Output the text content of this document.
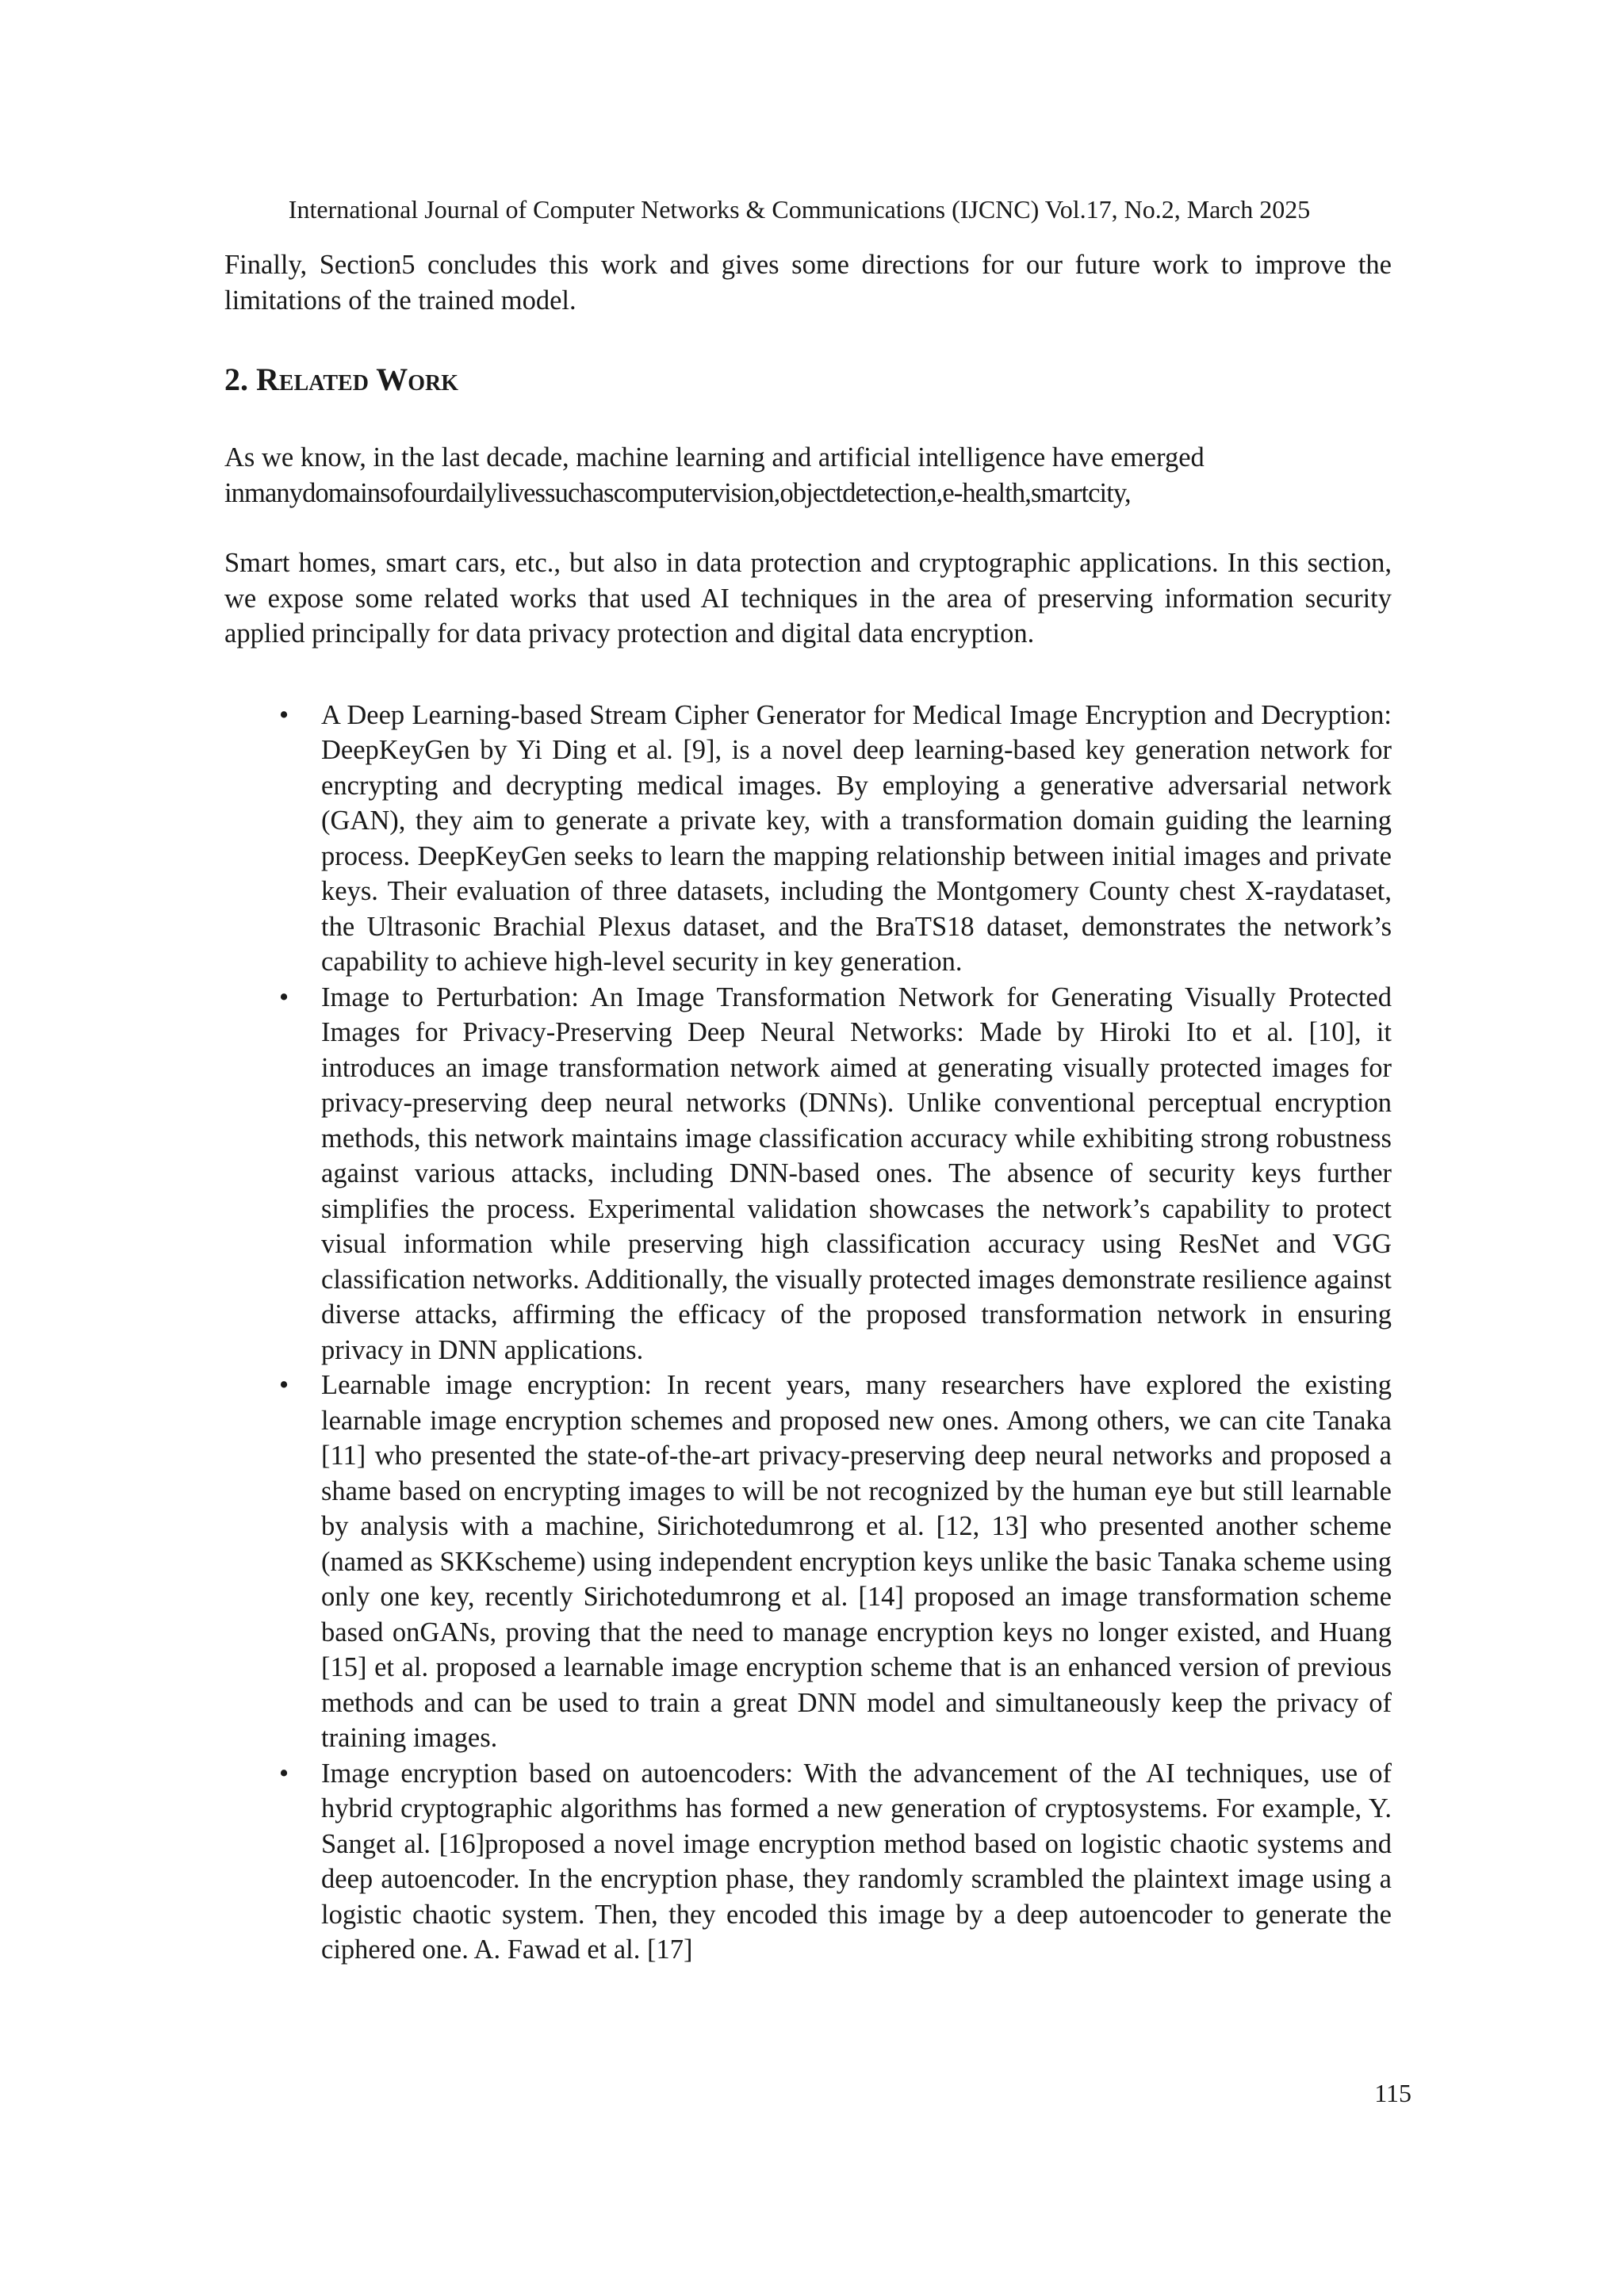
International Journal of Computer Networks & Communications (IJCNC) Vol.17, No.2, March 2025

Finally, Section5 concludes this work and gives some directions for our future work to improve the limitations of the trained model.

2. Related Work

As we know, in the last decade, machine learning and artificial intelligence have emerged

inmanydomainsofourdailylivessuchascomputervision,objectdetection,e-health,smartcity,

Smart homes, smart cars, etc., but also in data protection and cryptographic applications. In this section, we expose some related works that used AI techniques in the area of preserving information security applied principally for data privacy protection and digital data encryption.

• A Deep Learning-based Stream Cipher Generator for Medical Image Encryption and Decryption: DeepKeyGen by Yi Ding et al. [9], is a novel deep learning-based key generation network for encrypting and decrypting medical images. By employing a generative adversarial network (GAN), they aim to generate a private key, with a transformation domain guiding the learning process. DeepKeyGen seeks to learn the mapping relationship between initial images and private keys. Their evaluation of three datasets, including the Montgomery County chest X-raydataset, the Ultrasonic Brachial Plexus dataset, and the BraTS18 dataset, demonstrates the network’s capability to achieve high-level security in key generation.
• Image to Perturbation: An Image Transformation Network for Generating Visually Protected Images for Privacy-Preserving Deep Neural Networks: Made by Hiroki Ito et al. [10], it introduces an image transformation network aimed at generating visually protected images for privacy-preserving deep neural networks (DNNs). Unlike conventional perceptual encryption methods, this network maintains image classification accuracy while exhibiting strong robustness against various attacks, including DNN-based ones. The absence of security keys further simplifies the process. Experimental validation showcases the network’s capability to protect visual information while preserving high classification accuracy using ResNet and VGG classification networks. Additionally, the visually protected images demonstrate resilience against diverse attacks, affirming the efficacy of the proposed transformation network in ensuring privacy in DNN applications.
• Learnable image encryption: In recent years, many researchers have explored the existing learnable image encryption schemes and proposed new ones. Among others, we can cite Tanaka [11] who presented the state-of-the-art privacy-preserving deep neural networks and proposed a shame based on encrypting images to will be not recognized by the human eye but still learnable by analysis with a machine, Sirichotedumrong et al. [12, 13] who presented another scheme (named as SKKscheme) using independent encryption keys unlike the basic Tanaka scheme using only one key, recently Sirichotedumrong et al. [14] proposed an image transformation scheme based onGANs, proving that the need to manage encryption keys no longer existed, and Huang [15] et al. proposed a learnable image encryption scheme that is an enhanced version of previous methods and can be used to train a great DNN model and simultaneously keep the privacy of training images.
• Image encryption based on autoencoders: With the advancement of the AI techniques, use of hybrid cryptographic algorithms has formed a new generation of cryptosystems. For example, Y. Sanget al. [16]proposed a novel image encryption method based on logistic chaotic systems and deep autoencoder. In the encryption phase, they randomly scrambled the plaintext image using a logistic chaotic system. Then, they encoded this image by a deep autoencoder to generate the ciphered one. A. Fawad et al. [17]
115
